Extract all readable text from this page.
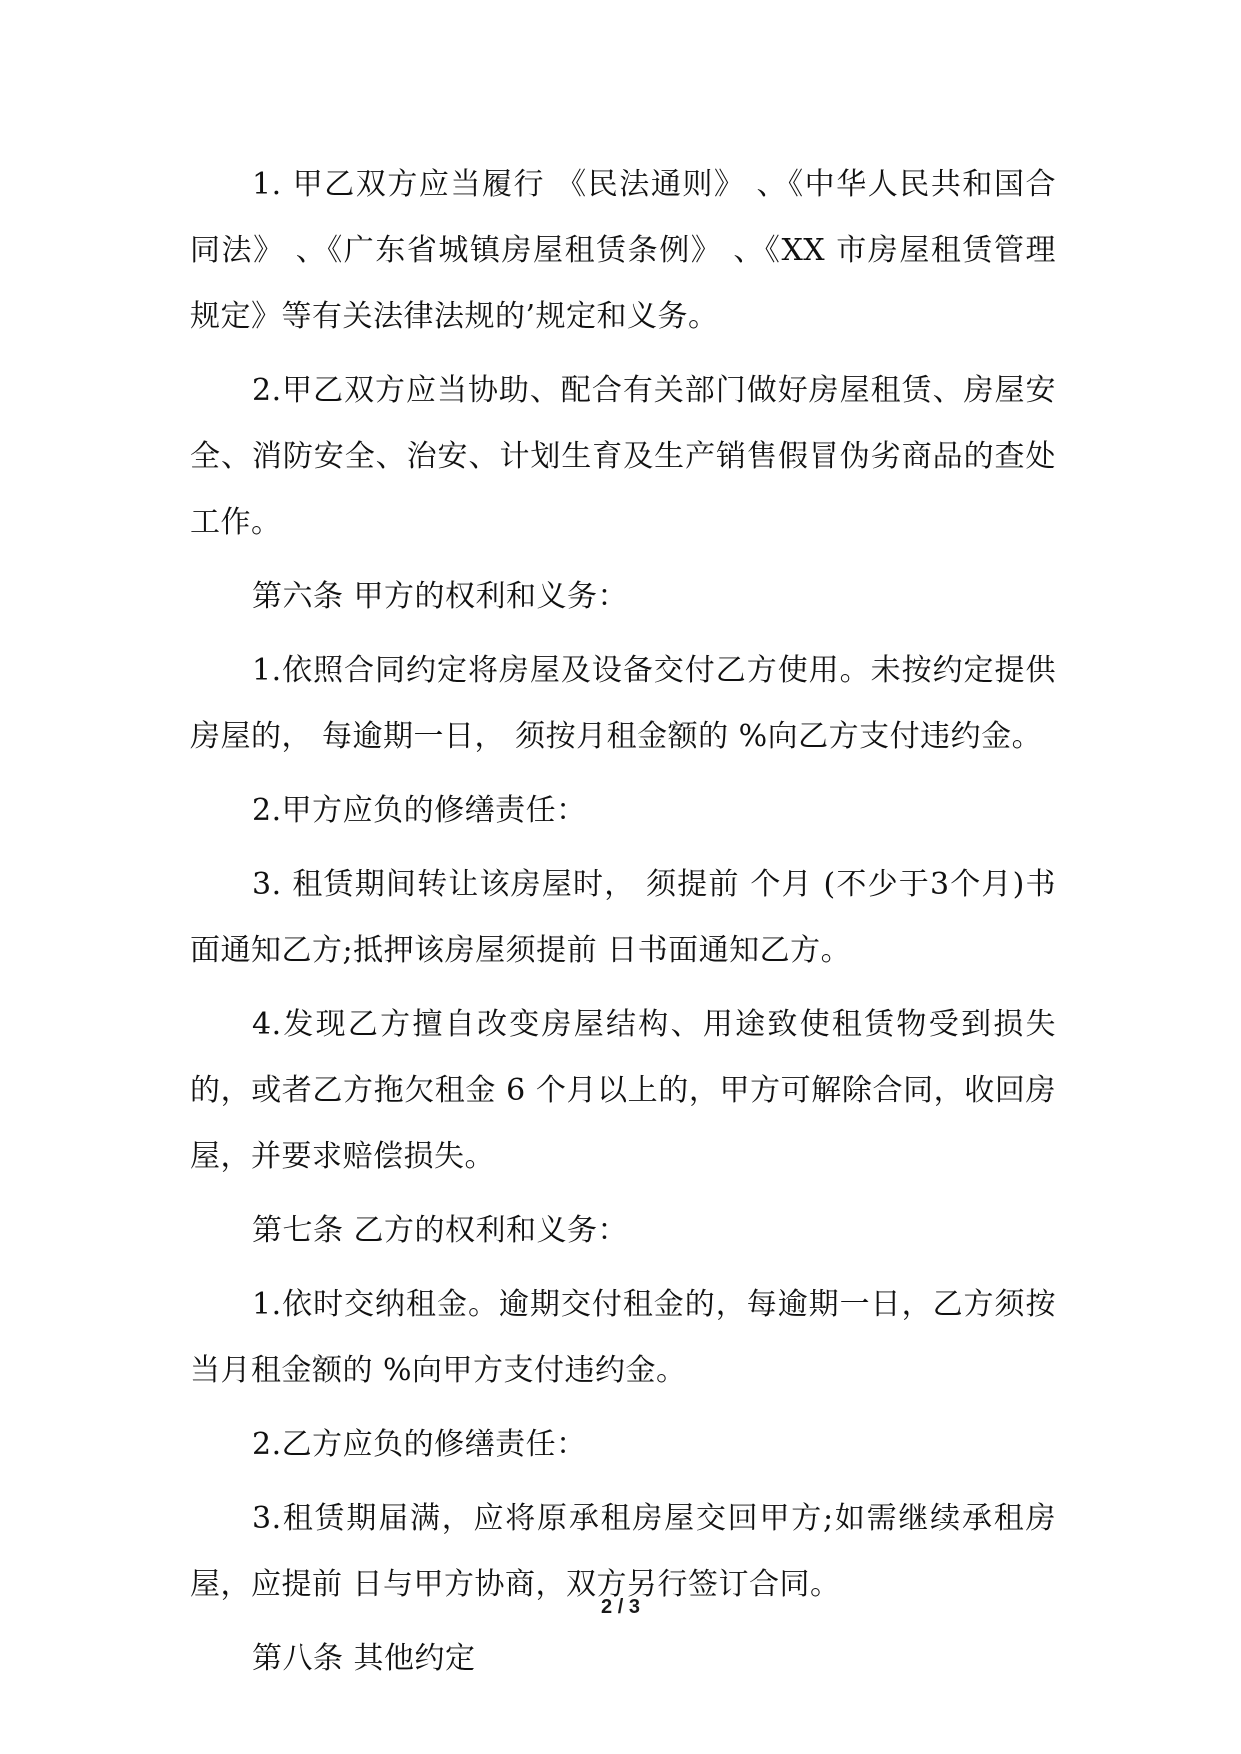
1. 甲乙双方应当履行 《民法通则》 、《中华人民共和国合同法》 、《广东省城镇房屋租赁条例》 、《XX 市房屋租赁管理规定》等有关法律法规的’规定和义务。

2.甲乙双方应当协助、配合有关部门做好房屋租赁、房屋安全、消防安全、治安、计划生育及生产销售假冒伪劣商品的查处工作。

第六条 甲方的权利和义务：

1.依照合同约定将房屋及设备交付乙方使用。未按约定提供房屋的， 每逾期一日， 须按月租金额的 %向乙方支付违约金。

2.甲方应负的修缮责任：

3. 租赁期间转让该房屋时， 须提前 个月 (不少于3个月)书面通知乙方;抵押该房屋须提前 日书面通知乙方。

4.发现乙方擅自改变房屋结构、用途致使租赁物受到损失的，或者乙方拖欠租金 6 个月以上的，甲方可解除合同，收回房屋，并要求赔偿损失。

第七条 乙方的权利和义务：

1.依时交纳租金。逾期交付租金的，每逾期一日，乙方须按当月租金额的 %向甲方支付违约金。

2.乙方应负的修缮责任：

3.租赁期届满，应将原承租房屋交回甲方;如需继续承租房屋，应提前 日与甲方协商，双方另行签订合同。

第八条 其他约定

2 / 3
